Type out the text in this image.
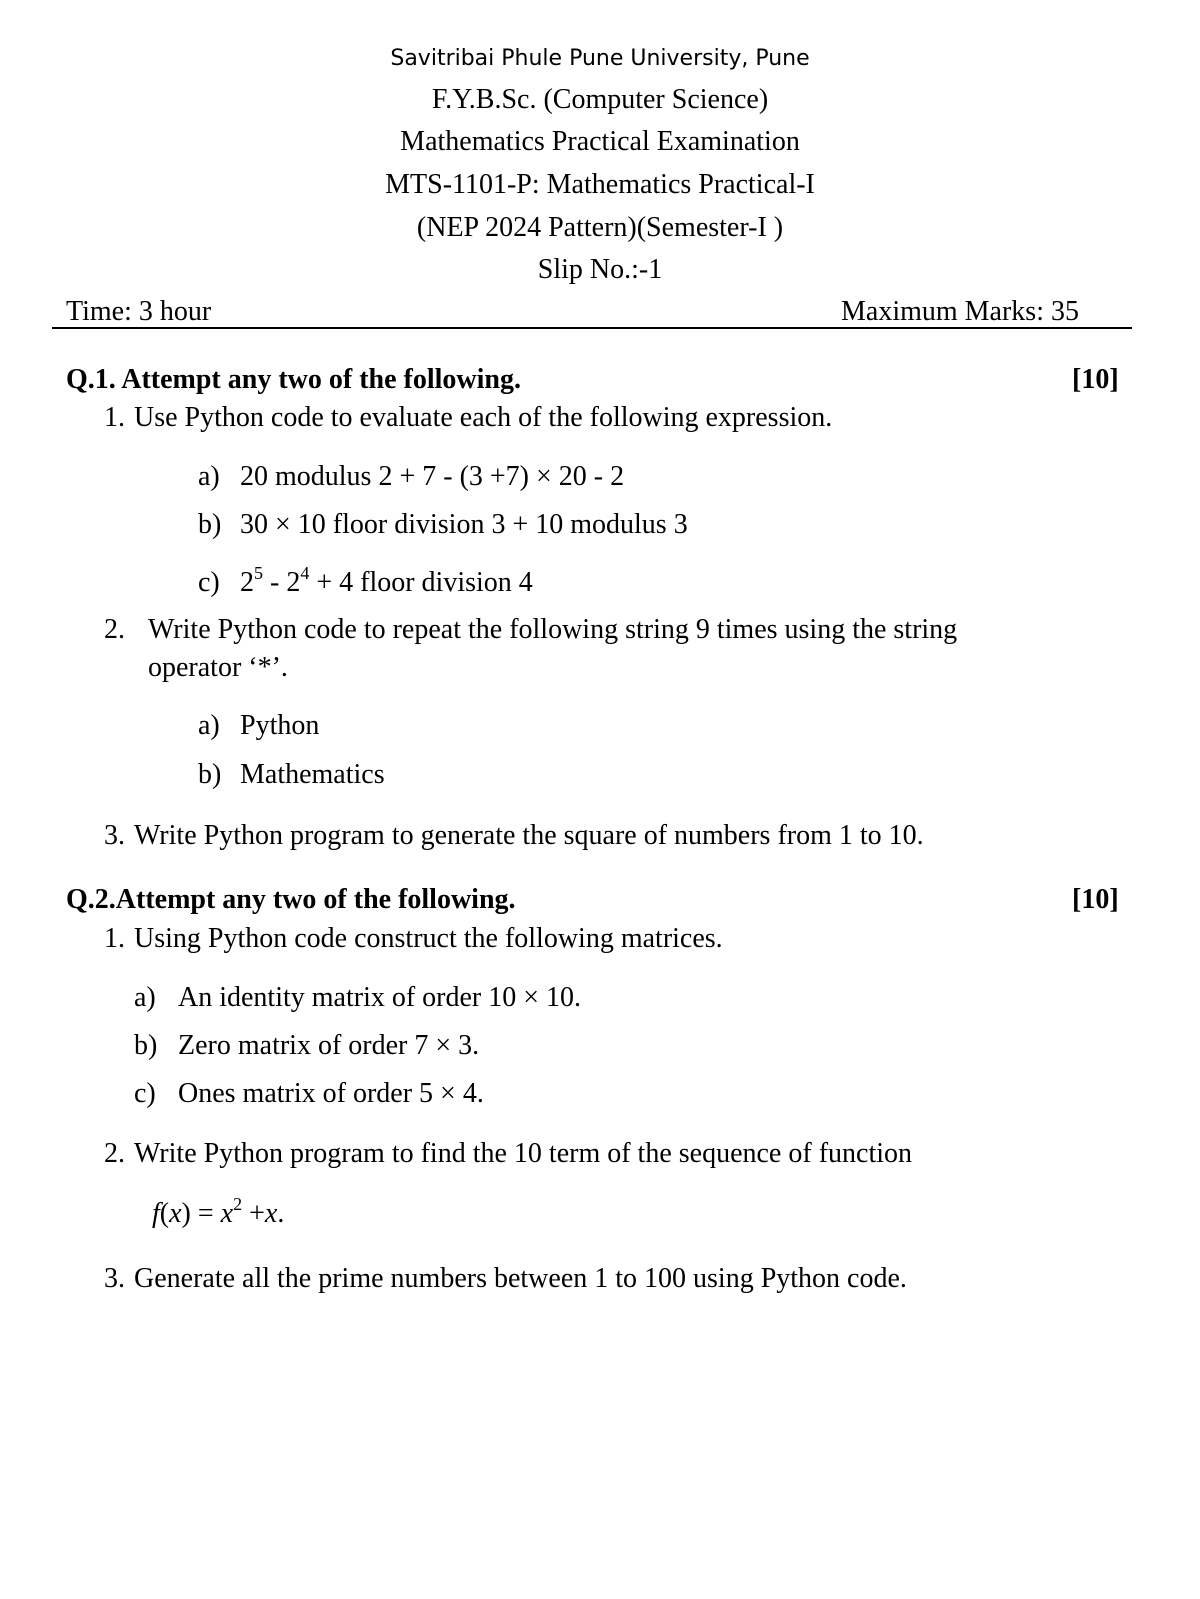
Savitribai Phule Pune University, Pune
F.Y.B.Sc. (Computer Science)
Mathematics Practical Examination
MTS-1101-P: Mathematics Practical-I
(NEP 2024 Pattern)(Semester-I )
Slip No.:-1
Time: 3 hour	Maximum Marks: 35
Q.1. Attempt any two of the following.	[10]
1. Use Python code to evaluate each of the following expression.
a) 20 modulus 2 + 7 - (3 +7) × 20 - 2
b) 30 × 10 floor division 3 + 10 modulus 3
c) $2^5 - 2^4 + 4$ floor division 4
2. Write Python code to repeat the following string 9 times using the string
operator ‘*’.
a) Python
b) Mathematics
3. Write Python program to generate the square of numbers from 1 to 10.
Q.2.Attempt any two of the following.	[10]
1. Using Python code construct the following matrices.
a) An identity matrix of order 10 × 10.
b) Zero matrix of order 7 × 3.
c) Ones matrix of order 5 × 4.
2. Write Python program to find the 10 term of the sequence of function
$f(x) = x^2 +x$.
3. Generate all the prime numbers between 1 to 100 using Python code.
